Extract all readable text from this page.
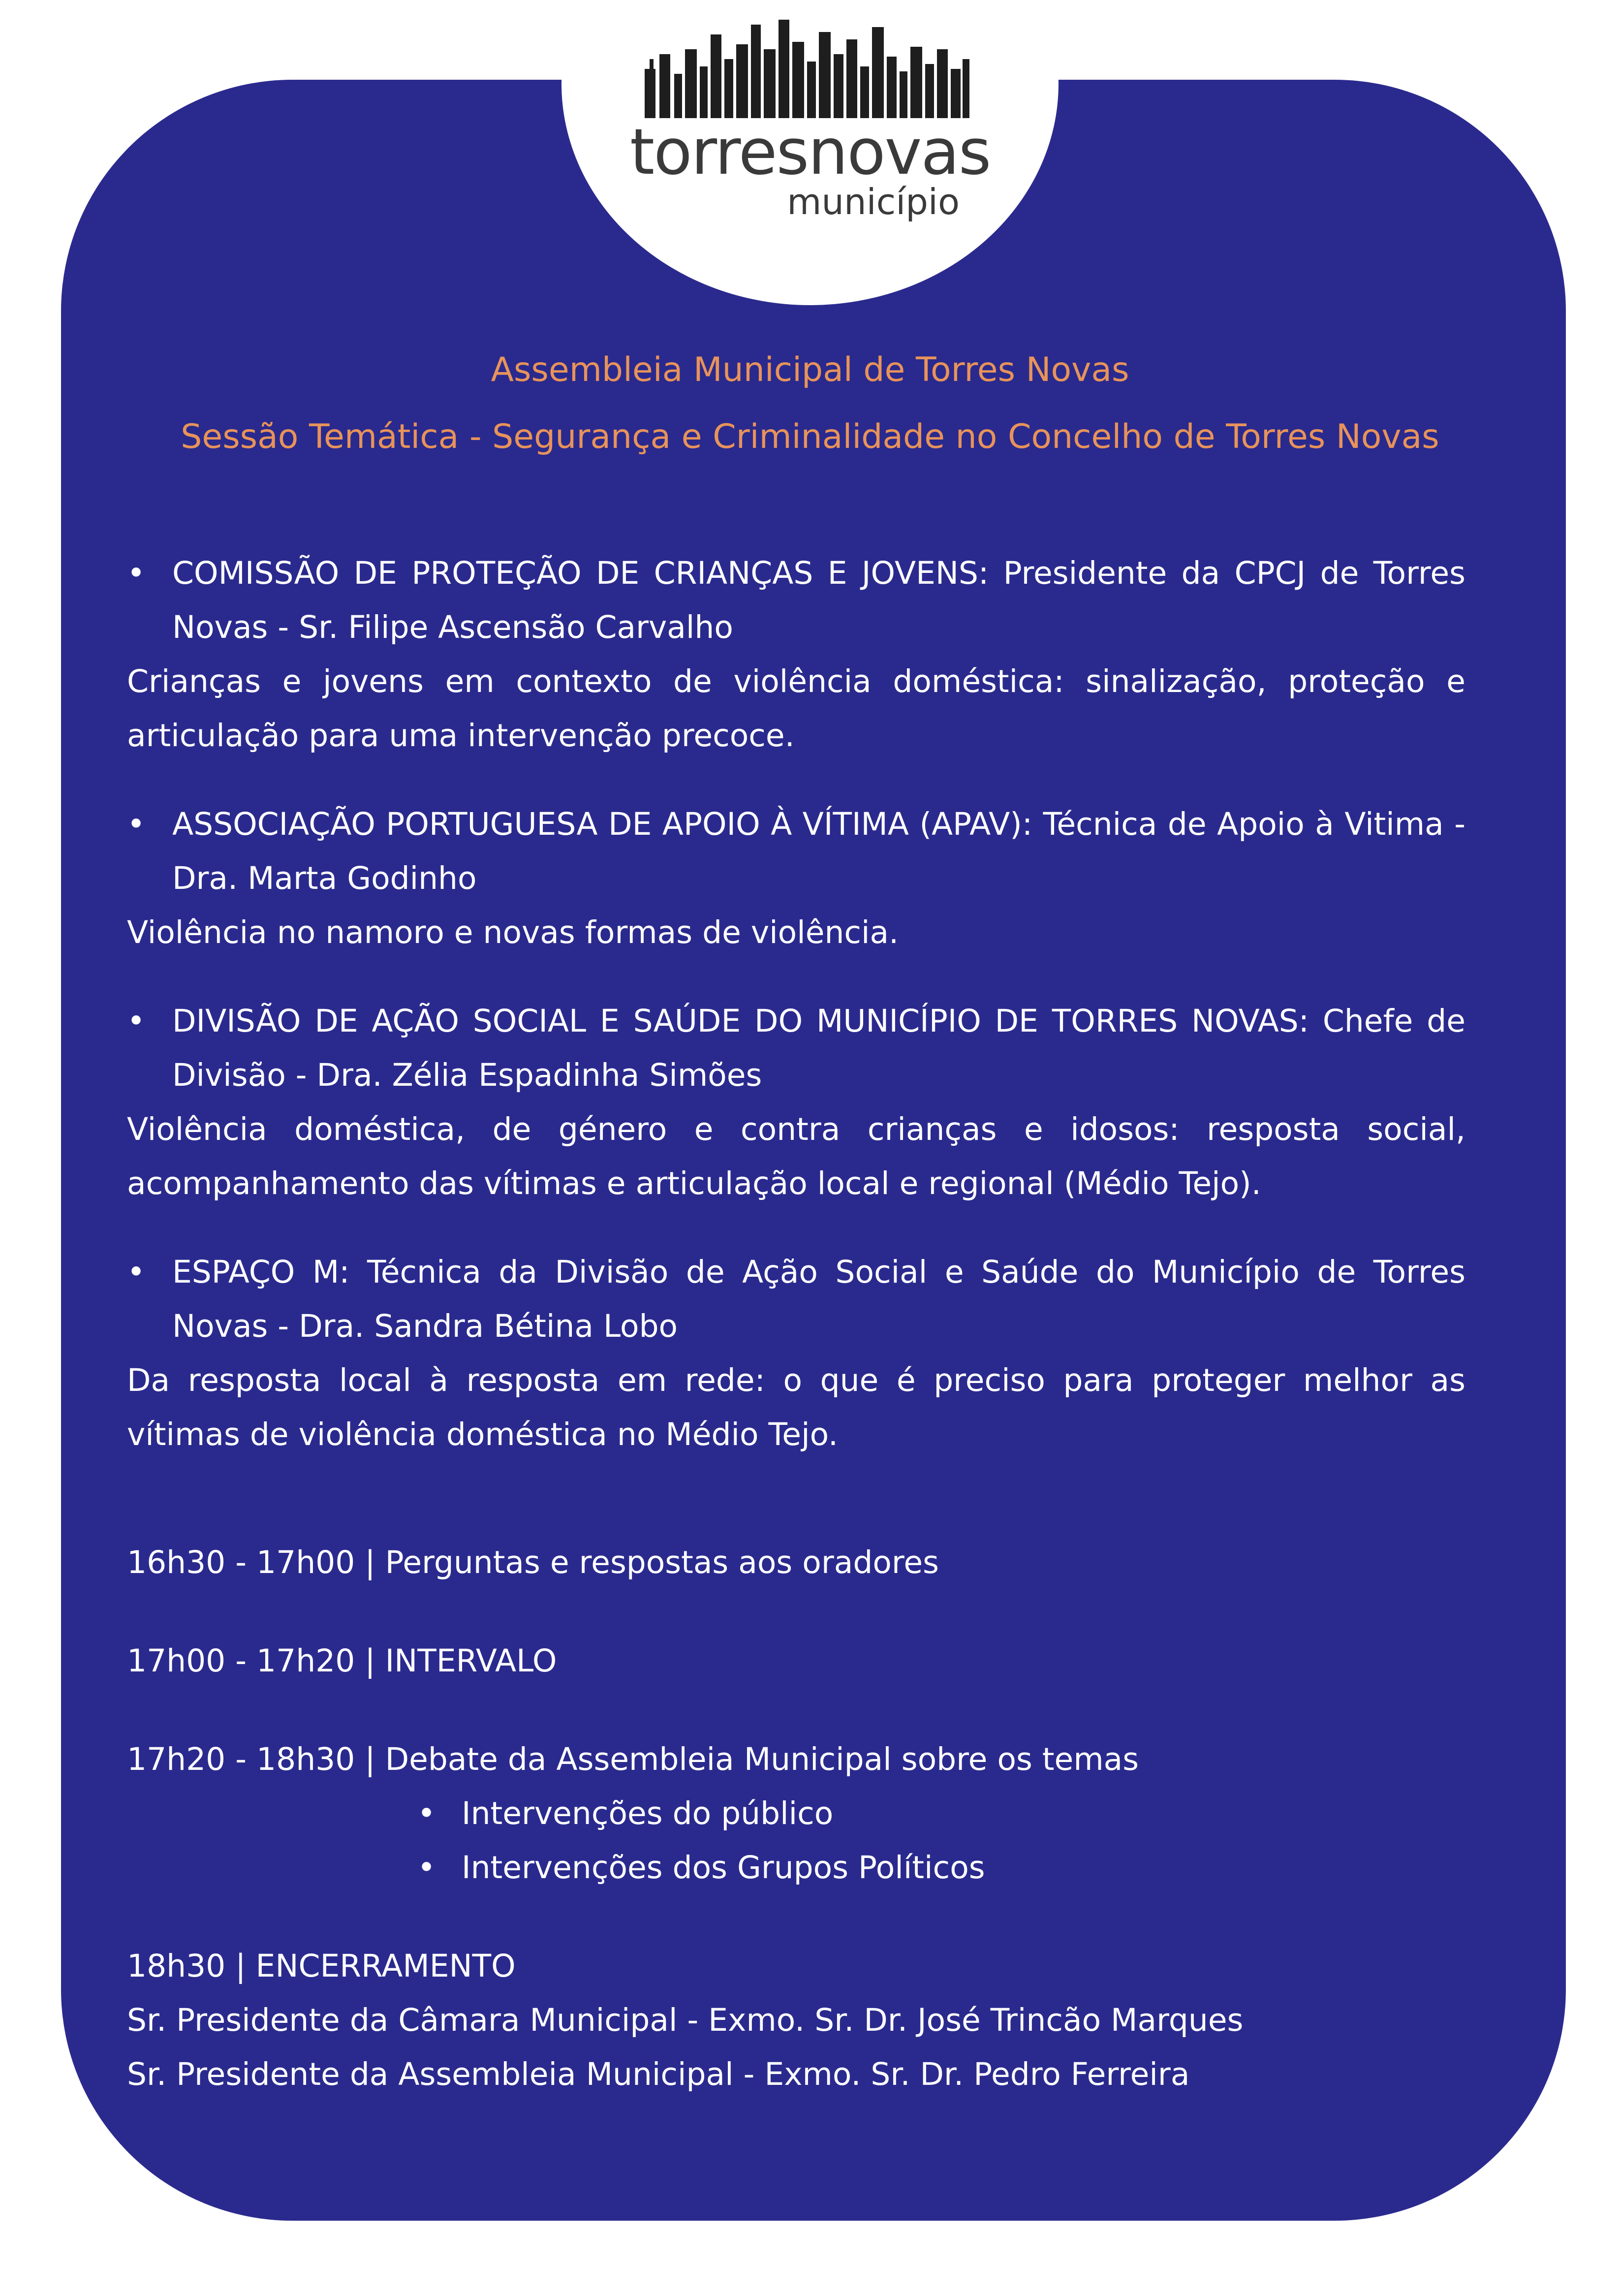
torresnovas
município
Assembleia Municipal de Torres Novas
Sessão Temática - Segurança e Criminalidade no Concelho de Torres Novas
• COMISSÃO DE PROTEÇÃO DE CRIANÇAS E JOVENS: Presidente da CPCJ de Torres Novas - Sr. Filipe Ascensão Carvalho
Crianças e jovens em contexto de violência doméstica: sinalização, proteção e articulação para uma intervenção precoce.
• ASSOCIAÇÃO PORTUGUESA DE APOIO À VÍTIMA (APAV): Técnica de Apoio à Vitima - Dra. Marta Godinho
Violência no namoro e novas formas de violência.
• DIVISÃO DE AÇÃO SOCIAL E SAÚDE DO MUNICÍPIO DE TORRES NOVAS: Chefe de Divisão - Dra. Zélia Espadinha Simões
Violência doméstica, de género e contra crianças e idosos: resposta social, acompanhamento das vítimas e articulação local e regional (Médio Tejo).
• ESPAÇO M: Técnica da Divisão de Ação Social e Saúde do Município de Torres Novas - Dra. Sandra Bétina Lobo
Da resposta local à resposta em rede: o que é preciso para proteger melhor as vítimas de violência doméstica no Médio Tejo.
16h30 - 17h00 | Perguntas e respostas aos oradores
17h00 - 17h20 | INTERVALO
17h20 - 18h30 | Debate da Assembleia Municipal sobre os temas
• Intervenções do público
• Intervenções dos Grupos Políticos
18h30 | ENCERRAMENTO
Sr. Presidente da Câmara Municipal - Exmo. Sr. Dr. José Trincão Marques
Sr. Presidente da Assembleia Municipal - Exmo. Sr. Dr. Pedro Ferreira
